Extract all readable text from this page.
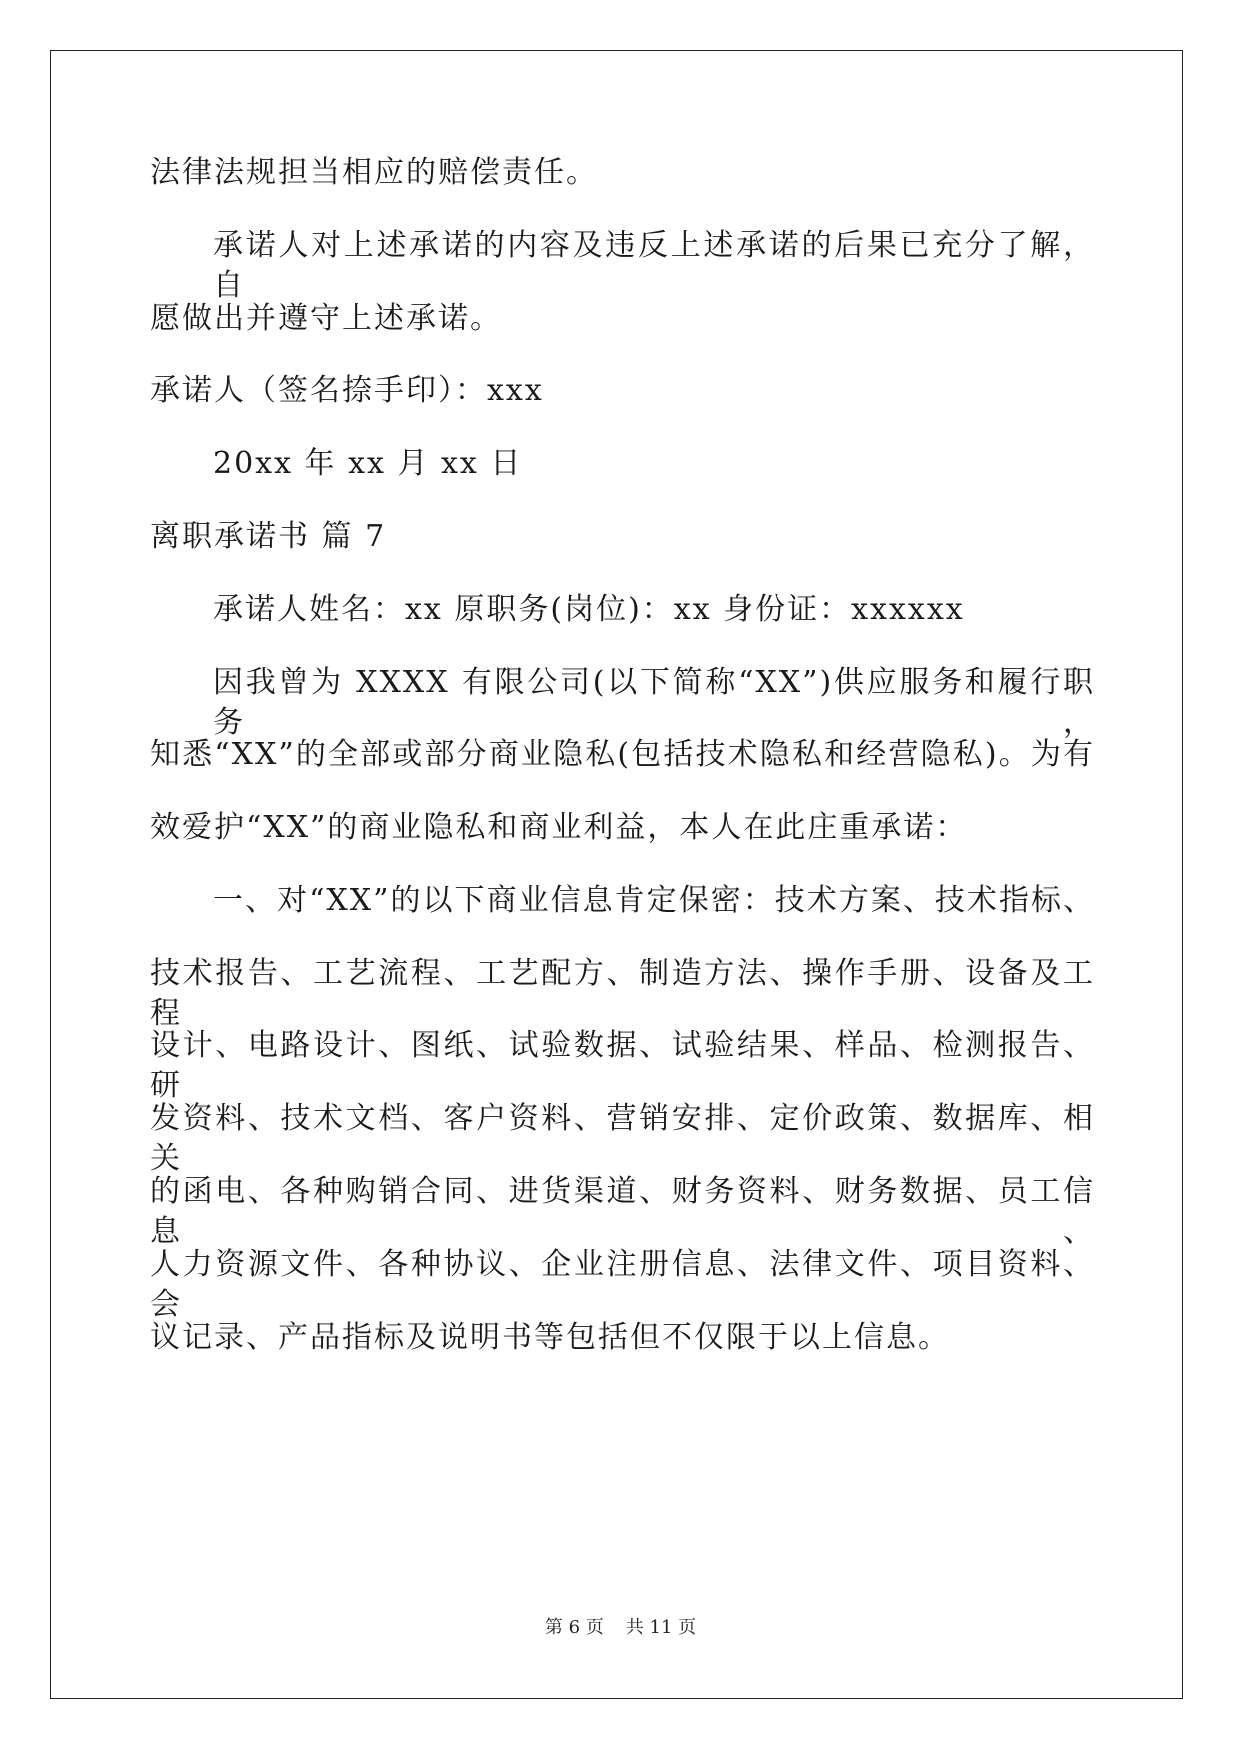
法律法规担当相应的赔偿责任。
承诺人对上述承诺的内容及违反上述承诺的后果已充分了解，自
愿做出并遵守上述承诺。
承诺人（签名捺手印）：xxx
20xx 年 xx 月 xx 日
离职承诺书 篇 7
承诺人姓名：xx 原职务(岗位)：xx 身份证：xxxxxx
因我曾为 XXXX 有限公司(以下简称“XX”)供应服务和履行职务，
知悉“XX”的全部或部分商业隐私(包括技术隐私和经营隐私)。为有
效爱护“XX”的商业隐私和商业利益，本人在此庄重承诺：
一、对“XX”的以下商业信息肯定保密：技术方案、技术指标、
技术报告、工艺流程、工艺配方、制造方法、操作手册、设备及工程
设计、电路设计、图纸、试验数据、试验结果、样品、检测报告、研
发资料、技术文档、客户资料、营销安排、定价政策、数据库、相关
的函电、各种购销合同、进货渠道、财务资料、财务数据、员工信息、
人力资源文件、各种协议、企业注册信息、法律文件、项目资料、会
议记录、产品指标及说明书等包括但不仅限于以上信息。
第 6 页 共 11 页
